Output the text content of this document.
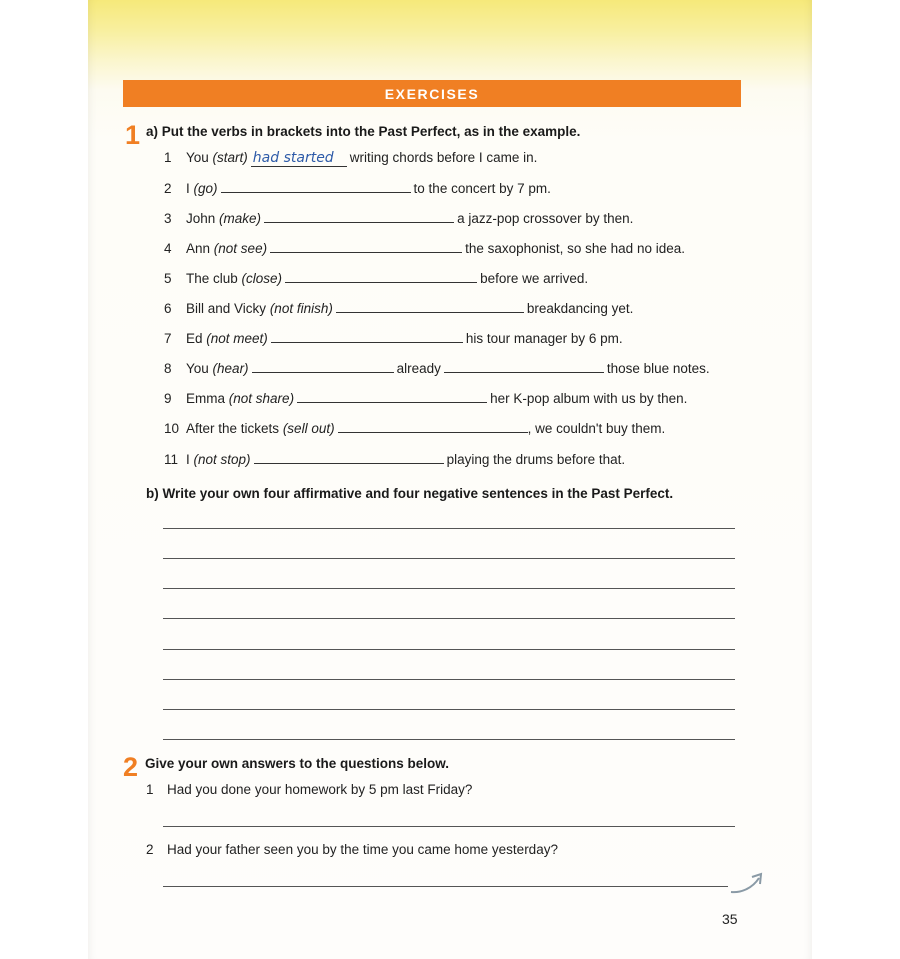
EXERCISES
1 a) Put the verbs in brackets into the Past Perfect, as in the example.
1 You (start) had started writing chords before I came in.
2 I (go)	to the concert by 7 pm.
3 John (make)	a jazz-pop crossover by then.
4 Ann (not see)	the saxophonist, so she had no idea.
5 The club (close)	before we arrived.
6 Bill and Vicky (not finish)	breakdancing yet.
7 Ed (not meet)	his tour manager by 6 pm.
8 You (hear)	already	those blue notes.
9 Emma (not share)	her K-pop album with us by then.
10 After the tickets (sell out)	, we couldn't buy them.
11 I (not stop)	playing the drums before that.
b) Write your own four affirmative and four negative sentences in the Past Perfect.
2 Give your own answers to the questions below.
1 Had you done your homework by 5 pm last Friday?
2 Had your father seen you by the time you came home yesterday?
35
